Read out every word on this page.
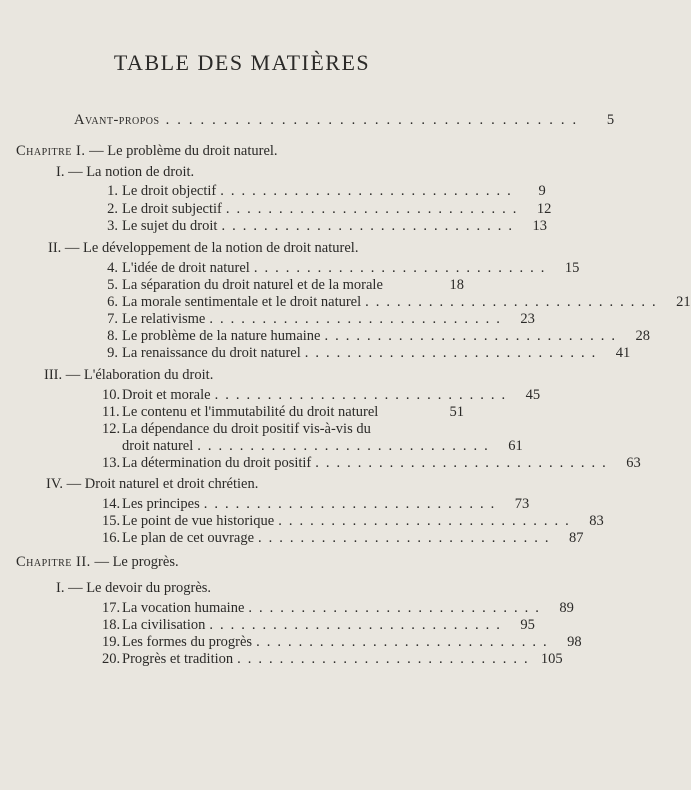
TABLE DES MATIÈRES
Avant-propos ....................................	5
Chapitre I. — Le problème du droit naturel.
I. — La notion de droit.
1. Le droit objectif ............................	9
2. Le droit subjectif ............................ 12
3. Le sujet du droit ............................ 13
II. — Le développement de la notion de droit naturel.
4. L'idée de droit naturel ............................ 15
5. La séparation du droit naturel et de la morale	18
6. La morale sentimentale et le droit naturel ............................ 21
7. Le relativisme ............................ 23
8. Le problème de la nature humaine ............................ 28
9. La renaissance du droit naturel ............................ 41
III. — L'élaboration du droit.
10. Droit et morale ............................ 45
11. Le contenu et l'immutabilité du droit naturel	51
12. La dépendance du droit positif vis-à-vis du
droit naturel ............................ 61
13. La détermination du droit positif ............................ 63
IV. — Droit naturel et droit chrétien.
14. Les principes ............................ 73
15. Le point de vue historique ............................ 83
16. Le plan de cet ouvrage ............................ 87
Chapitre II. — Le progrès.
I. — Le devoir du progrès.
17. La vocation humaine ............................ 89
18. La civilisation ............................ 95
19. Les formes du progrès ............................ 98
20. Progrès et tradition ............................ 105
